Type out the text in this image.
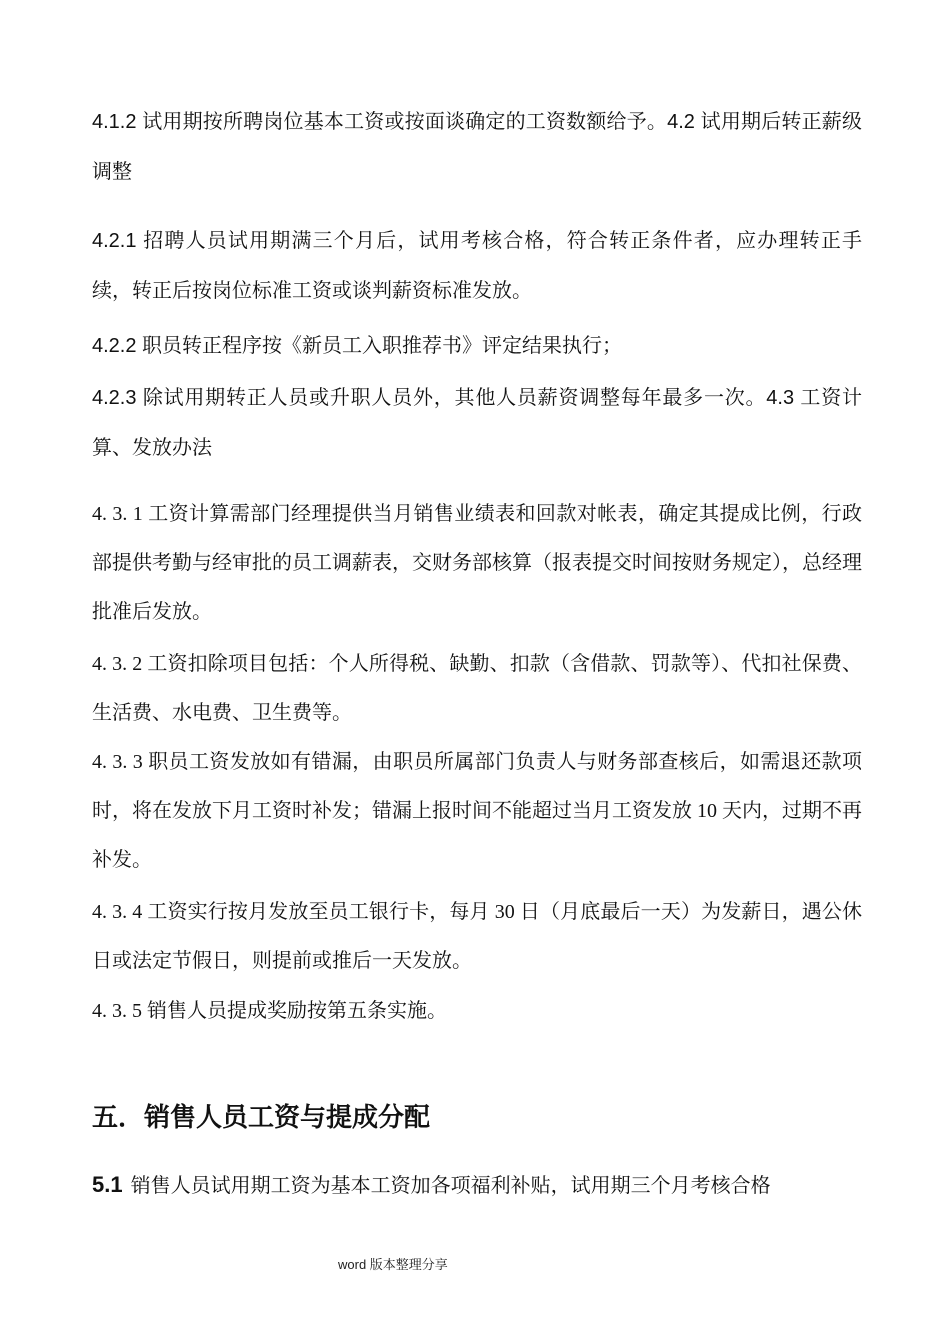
4.1.2 试用期按所聘岗位基本工资或按面谈确定的工资数额给予。4.2 试用期后转正薪级调整

4.2.1 招聘人员试用期满三个月后，试用考核合格，符合转正条件者，应办理转正手续，转正后按岗位标准工资或谈判薪资标准发放。

4.2.2 职员转正程序按《新员工入职推荐书》评定结果执行；

4.2.3 除试用期转正人员或升职人员外，其他人员薪资调整每年最多一次。4.3 工资计算、发放办法

4. 3. 1 工资计算需部门经理提供当月销售业绩表和回款对帐表，确定其提成比例，行政部提供考勤与经审批的员工调薪表，交财务部核算（报表提交时间按财务规定），总经理批准后发放。

4. 3. 2 工资扣除项目包括：个人所得税、缺勤、扣款（含借款、罚款等）、代扣社保费、生活费、水电费、卫生费等。

4. 3. 3 职员工资发放如有错漏，由职员所属部门负责人与财务部查核后，如需退还款项时，将在发放下月工资时补发；错漏上报时间不能超过当月工资发放 10 天内，过期不再补发。

4. 3. 4 工资实行按月发放至员工银行卡，每月 30 日（月底最后一天）为发薪日，遇公休日或法定节假日，则提前或推后一天发放。

4. 3. 5 销售人员提成奖励按第五条实施。

五．销售人员工资与提成分配

5.1 销售人员试用期工资为基本工资加各项福利补贴，试用期三个月考核合格

word 版本整理分享
